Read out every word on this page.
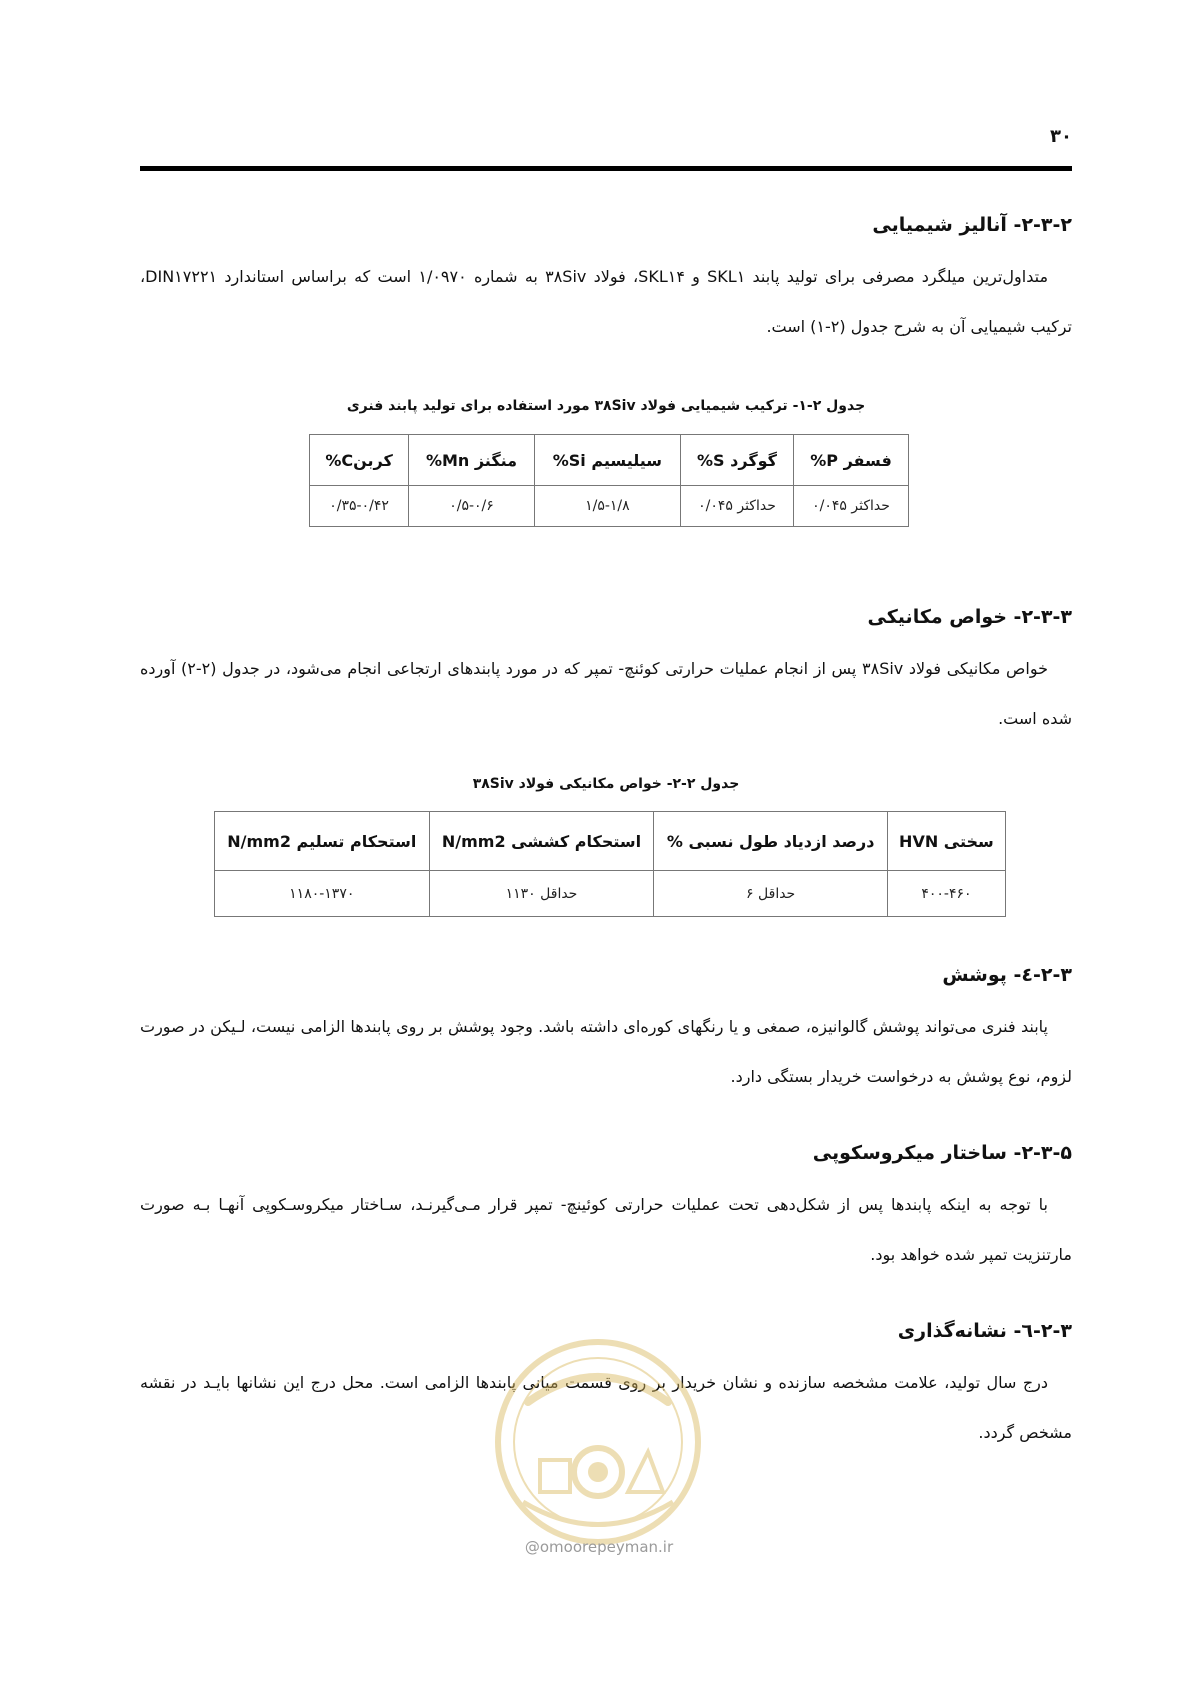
۳۰
۲-۳-۲- آنالیز شیمیایی
متداول‌ترین میلگرد مصرفی برای تولید پابند SKL۱ و SKL۱۴، فولاد ۳۸Siv به شماره ۱/۰۹۷۰ است که براساس استاندارد DIN۱۷۲۲۱، ترکیب شیمیایی آن به شرح جدول (۲-۱) است.
جدول ۲-۱- ترکیب شیمیایی فولاد ۳۸Siv مورد استفاده برای تولید پابند فنری
فسفر P%	گوگرد S%	سیلیسیم Si%	منگنز Mn%	کربنC%
حداکثر ۰/۰۴۵	حداکثر ۰/۰۴۵	۱/۵-۱/۸	۰/۵-۰/۶	۰/۳۵-۰/۴۲
۲-۳-۳- خواص مکانیکی
خواص مکانیکی فولاد ۳۸Siv پس از انجام عملیات حرارتی کوئنچ- تمپر که در مورد پابندهای ارتجاعی انجام می‌شود، در جدول (۲-۲) آورده شده است.
جدول ۲-۲- خواص مکانیکی فولاد ۳۸Siv
سختی HVN	درصد ازدیاد طول نسبی %	استحکام کششی N/mm2	استحکام تسلیم N/mm2
۴۰۰-۴۶۰	حداقل ۶	حداقل ۱۱۳۰	۱۱۸۰-۱۳۷۰
۲-۳-٤- پوشش
پابند فنری می‌تواند پوشش گالوانیزه، صمغی و یا رنگهای کوره‌ای داشته باشد. وجود پوشش بر روی پابندها الزامی نیست، لـیکن در صورت لزوم، نوع پوشش به درخواست خریدار بستگی دارد.
۲-۳-۵- ساختار میکروسکوپی
با توجه به اینکه پابندها پس از شکل‌دهی تحت عملیات حرارتی کوئینچ- تمپر قرار مـی‌گیرنـد، سـاختار میکروسـکوپی آنهـا بـه صورت مارتنزیت تمپر شده خواهد بود.
۲-۳-٦- نشانه‌گذاری
درج سال تولید، علامت مشخصه سازنده و نشان خریدار بر روی قسمت میانی پابندها الزامی است. محل درج این نشانها بایـد در نقشه مشخص گردد.
@omoorepeyman.ir
